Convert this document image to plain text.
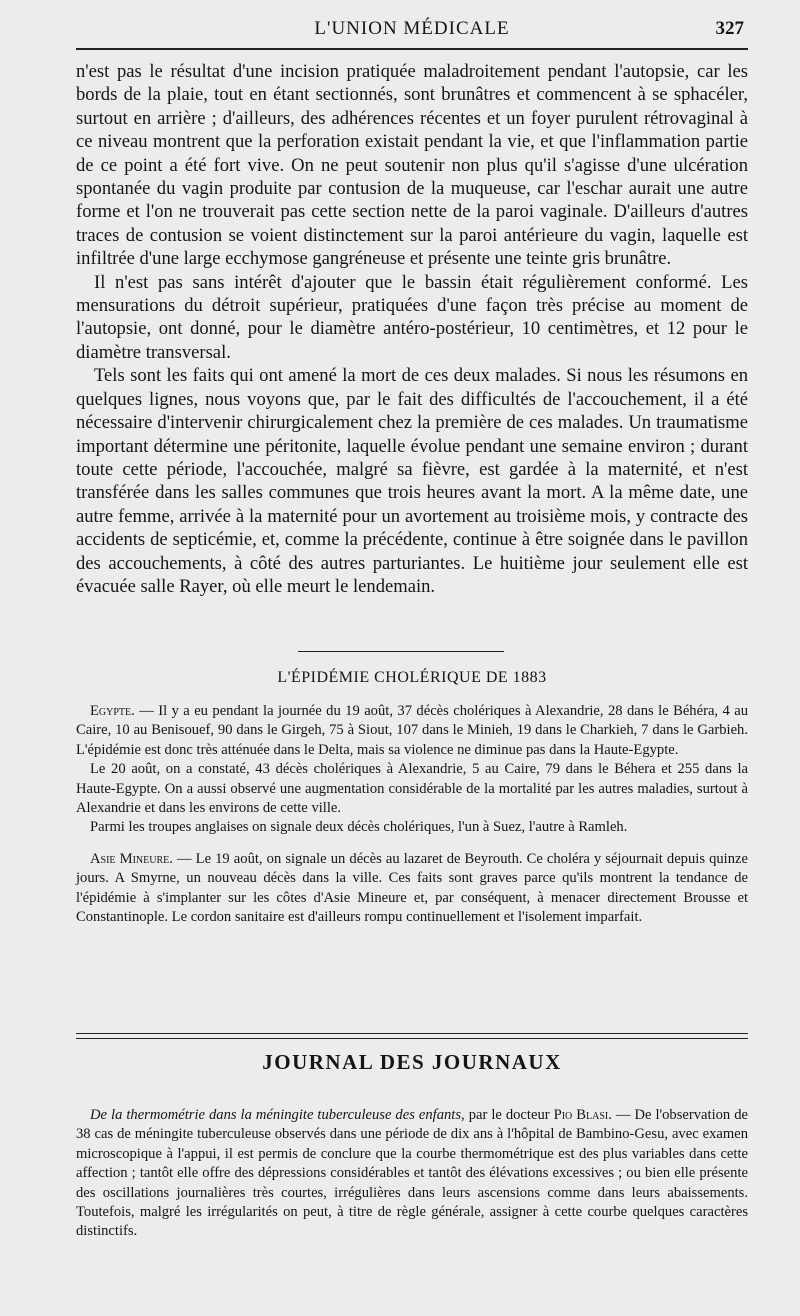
L'UNION MÉDICALE	327

n'est pas le résultat d'une incision pratiquée maladroitement pendant l'autopsie, car les bords de la plaie, tout en étant sectionnés, sont brunâtres et commencent à se sphacéler, surtout en arrière ; d'ailleurs, des adhérences récentes et un foyer purulent rétrovaginal à ce niveau montrent que la perforation existait pendant la vie, et que l'inflammation partie de ce point a été fort vive. On ne peut soutenir non plus qu'il s'agisse d'une ulcération spontanée du vagin produite par contusion de la muqueuse, car l'eschar aurait une autre forme et l'on ne trouverait pas cette section nette de la paroi vaginale. D'ailleurs d'autres traces de contusion se voient distinctement sur la paroi antérieure du vagin, laquelle est infiltrée d'une large ecchymose gangréneuse et présente une teinte gris brunâtre.

Il n'est pas sans intérêt d'ajouter que le bassin était régulièrement conformé. Les mensurations du détroit supérieur, pratiquées d'une façon très précise au moment de l'autopsie, ont donné, pour le diamètre antéro-postérieur, 10 centimètres, et 12 pour le diamètre transversal.

Tels sont les faits qui ont amené la mort de ces deux malades. Si nous les résumons en quelques lignes, nous voyons que, par le fait des difficultés de l'accouchement, il a été nécessaire d'intervenir chirurgicalement chez la première de ces malades. Un traumatisme important détermine une péritonite, laquelle évolue pendant une semaine environ ; durant toute cette période, l'accouchée, malgré sa fièvre, est gardée à la maternité, et n'est transférée dans les salles communes que trois heures avant la mort. A la même date, une autre femme, arrivée à la maternité pour un avortement au troisième mois, y contracte des accidents de septicémie, et, comme la précédente, continue à être soignée dans le pavillon des accouchements, à côté des autres parturiantes. Le huitième jour seulement elle est évacuée salle Rayer, où elle meurt le lendemain.

L'ÉPIDÉMIE CHOLÉRIQUE DE 1883

Egypte. — Il y a eu pendant la journée du 19 août, 37 décès cholériques à Alexandrie, 28 dans le Béhéra, 4 au Caire, 10 au Benisouef, 90 dans le Girgeh, 75 à Siout, 107 dans le Minieh, 19 dans le Charkieh, 7 dans le Garbieh. L'épidémie est donc très atténuée dans le Delta, mais sa violence ne diminue pas dans la Haute-Egypte.

Le 20 août, on a constaté, 43 décès cholériques à Alexandrie, 5 au Caire, 79 dans le Béhera et 255 dans la Haute-Egypte. On a aussi observé une augmentation considérable de la mortalité par les autres maladies, surtout à Alexandrie et dans les environs de cette ville.

Parmi les troupes anglaises on signale deux décès cholériques, l'un à Suez, l'autre à Ramleh.

Asie Mineure. — Le 19 août, on signale un décès au lazaret de Beyrouth. Ce choléra y séjournait depuis quinze jours. A Smyrne, un nouveau décès dans la ville. Ces faits sont graves parce qu'ils montrent la tendance de l'épidémie à s'implanter sur les côtes d'Asie Mineure et, par conséquent, à menacer directement Brousse et Constantinople. Le cordon sanitaire est d'ailleurs rompu continuellement et l'isolement imparfait.

JOURNAL DES JOURNAUX

De la thermométrie dans la méningite tuberculeuse des enfants, par le docteur Pio Blasi. — De l'observation de 38 cas de méningite tuberculeuse observés dans une période de dix ans à l'hôpital de Bambino-Gesu, avec examen microscopique à l'appui, il est permis de conclure que la courbe thermométrique est des plus variables dans cette affection ; tantôt elle offre des dépressions considérables et tantôt des élévations excessives ; ou bien elle présente des oscillations journalières très courtes, irrégulières dans leurs ascensions comme dans leurs abaissements. Toutefois, malgré les irrégularités on peut, à titre de règle générale, assigner à cette courbe quelques caractères distinctifs.
